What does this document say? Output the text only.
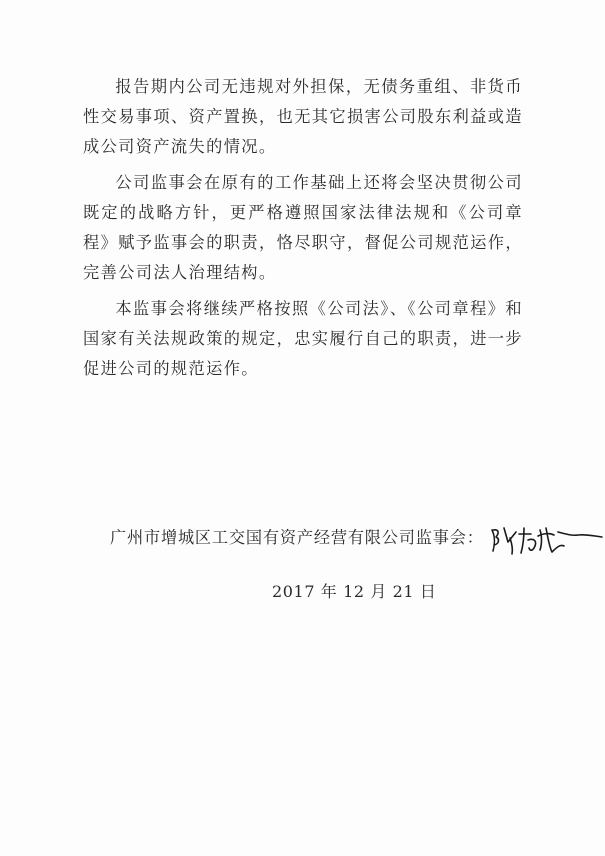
报告期内公司无违规对外担保，无债务重组、非货币性交易事项、资产置换，也无其它损害公司股东利益或造成公司资产流失的情况。

公司监事会在原有的工作基础上还将会坚决贯彻公司既定的战略方针，更严格遵照国家法律法规和《公司章程》赋予监事会的职责，恪尽职守，督促公司规范运作，完善公司法人治理结构。

本监事会将继续严格按照《公司法》、《公司章程》和国家有关法规政策的规定，忠实履行自己的职责，进一步促进公司的规范运作。

广州市增城区工交国有资产经营有限公司监事会：
2017 年 12 月 21 日
